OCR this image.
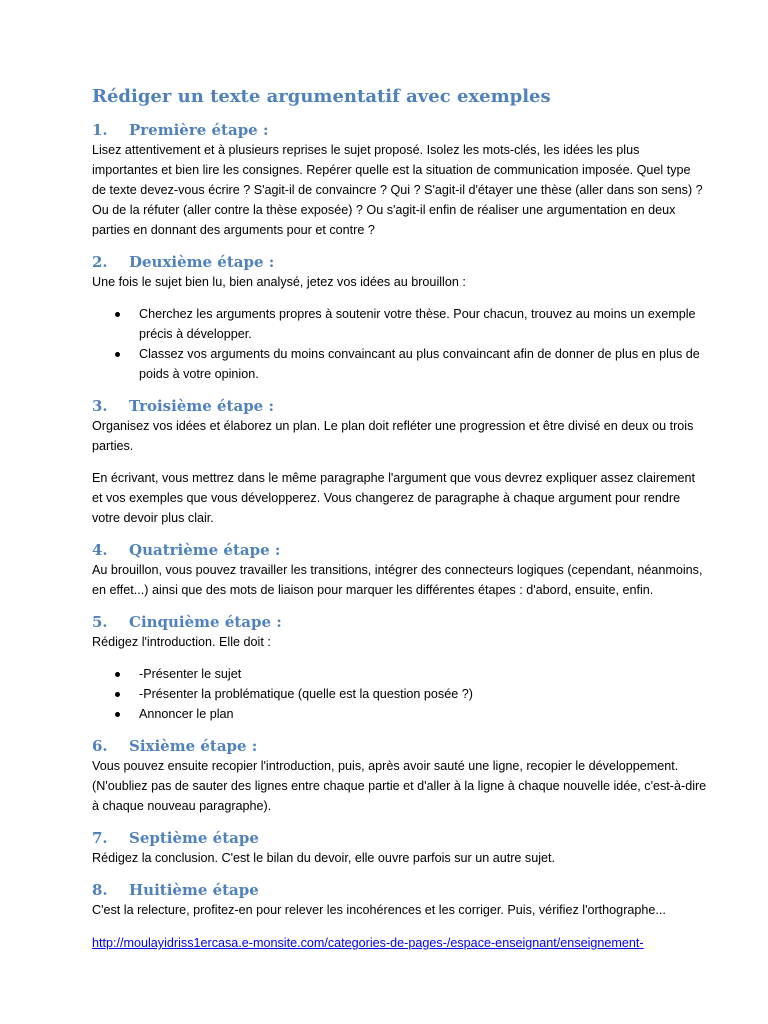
Rédiger un texte argumentatif avec exemples
1. Première étape :

Lisez attentivement et à plusieurs reprises le sujet proposé. Isolez les mots-clés, les idées les plus importantes et bien lire les consignes. Repérer quelle est la situation de communication imposée. Quel type de texte devez-vous écrire ? S'agit-il de convaincre ? Qui ? S'agit-il d'étayer une thèse (aller dans son sens) ? Ou de la réfuter (aller contre la thèse exposée) ? Ou s'agit-il enfin de réaliser une argumentation en deux parties en donnant des arguments pour et contre ?

2. Deuxième étape :

Une fois le sujet bien lu, bien analysé, jetez vos idées au brouillon :

Cherchez les arguments propres à soutenir votre thèse. Pour chacun, trouvez au moins un exemple précis à développer.
Classez vos arguments du moins convaincant au plus convaincant afin de donner de plus en plus de poids à votre opinion.
3. Troisième étape :

Organisez vos idées et élaborez un plan. Le plan doit refléter une progression et être divisé en deux ou trois parties.

En écrivant, vous mettrez dans le même paragraphe l'argument que vous devrez expliquer assez clairement et vos exemples que vous développerez. Vous changerez de paragraphe à chaque argument pour rendre votre devoir plus clair.

4. Quatrième étape :

Au brouillon, vous pouvez travailler les transitions, intégrer des connecteurs logiques (cependant, néanmoins, en effet...) ainsi que des mots de liaison pour marquer les différentes étapes : d'abord, ensuite, enfin.

5. Cinquième étape :

Rédigez l'introduction. Elle doit :

-Présenter le sujet
-Présenter la problématique (quelle est la question posée ?)
Annoncer le plan
6. Sixième étape :

Vous pouvez ensuite recopier l'introduction, puis, après avoir sauté une ligne, recopier le développement. (N'oubliez pas de sauter des lignes entre chaque partie et d'aller à la ligne à chaque nouvelle idée, c'est-à-dire à chaque nouveau paragraphe).

7. Septième étape

Rédigez la conclusion. C'est le bilan du devoir, elle ouvre parfois sur un autre sujet.

8. Huitième étape

C'est la relecture, profitez-en pour relever les incohérences et les corriger. Puis, vérifiez l'orthographe...

http://moulayidriss1ercasa.e-monsite.com/categories-de-pages-/espace-enseignant/enseignement-
